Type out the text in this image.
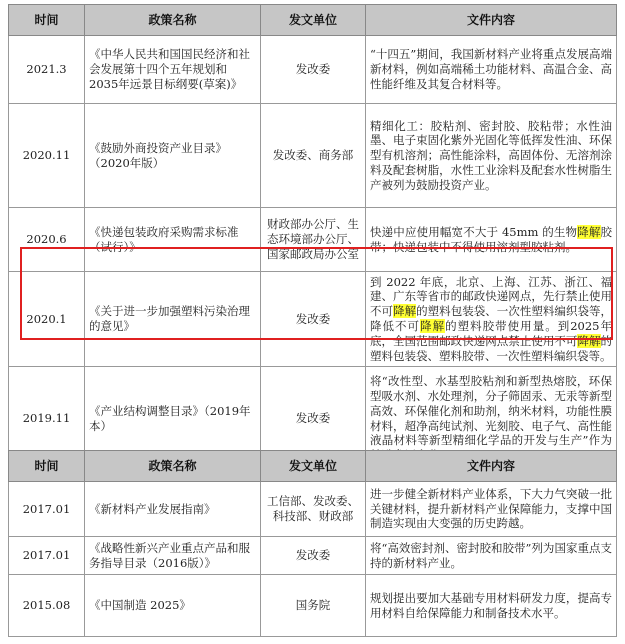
时间	政策名称	发文单位	文件内容
2021.3	《中华人民共和国国民经济和社会发展第十四个五年规划和2035年远景目标纲要(草案)》	发改委	“十四五”期间，我国新材料产业将重点发展高端新材料，例如高端稀土功能材料、高温合金、高性能纤维及其复合材料等。
2020.11	《鼓励外商投资产业目录》（2020年版）	发改委、商务部	精细化工：胶粘剂、密封胶、胶粘带；水性油墨、电子束固化紫外光固化等低挥发性油、环保型有机溶剂；高性能涂料，高固体份、无溶剂涂料及配套树脂，水性工业涂料及配套水性树脂生产被列为鼓励投资产业。
2020.6	《快递包装政府采购需求标准（试行）》	财政部办公厅、生态环境部办公厅、国家邮政局办公室	快递中应使用幅宽不大于 45mm 的生物降解胶带；快递包装中不得使用溶剂型胶粘剂。
2020.1	《关于进一步加强塑料污染治理的意见》	发改委	到 2022 年底，北京、上海、江苏、浙江、福建、广东等省市的邮政快递网点，先行禁止使用不可降解的塑料包装袋、一次性塑料编织袋等，降低不可降解的塑料胶带使用量。到2025年底，全国范围邮政快递网点禁止使用不可降解的塑料包装袋、塑料胶带、一次性塑料编织袋等。
2019.11	《产业结构调整目录》（2019年本）	发改委	将“改性型、水基型胶粘剂和新型热熔胶，环保型吸水剂、水处理剂，分子筛固汞、无汞等新型高效、环保催化剂和助剂，纳米材料，功能性膜材料，超净高纯试剂、光刻胶、电子气、高性能液晶材料等新型精细化学品的开发与生产”作为
时间	政策名称	发文单位	文件内容
2017.01	《新材料产业发展指南》	工信部、发改委、科技部、财政部	进一步健全新材料产业体系，下大力气突破一批关键材料，提升新材料产业保障能力，支撑中国制造实现由大变强的历史跨越。
2017.01	《战略性新兴产业重点产品和服务指导目录（2016版）》	发改委	将“高效密封剂、密封胶和胶带”列为国家重点支持的新材料产业。
2015.08	《中国制造 2025》	国务院	规划提出要加大基础专用材料研发力度，提高专用材料自给保障能力和制备技术水平。
